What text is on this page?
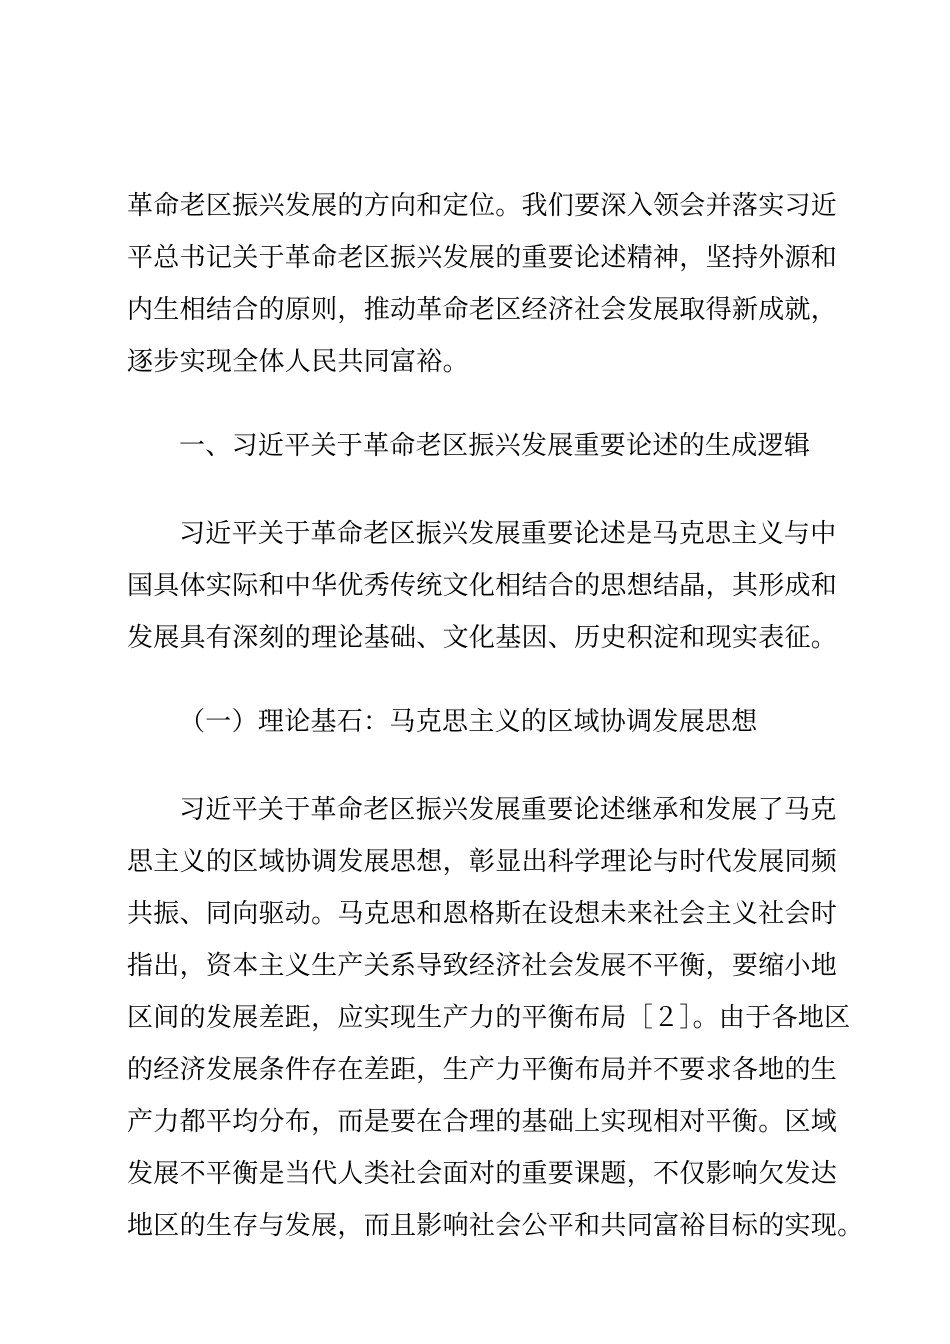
革命老区振兴发展的方向和定位。我们要深入领会并落实习近
平总书记关于革命老区振兴发展的重要论述精神，坚持外源和
内生相结合的原则，推动革命老区经济社会发展取得新成就，
逐步实现全体人民共同富裕。

一、习近平关于革命老区振兴发展重要论述的生成逻辑

习近平关于革命老区振兴发展重要论述是马克思主义与中
国具体实际和中华优秀传统文化相结合的思想结晶，其形成和
发展具有深刻的理论基础、文化基因、历史积淀和现实表征。

（一）理论基石：马克思主义的区域协调发展思想

习近平关于革命老区振兴发展重要论述继承和发展了马克
思主义的区域协调发展思想，彰显出科学理论与时代发展同频
共振、同向驱动。马克思和恩格斯在设想未来社会主义社会时
指出，资本主义生产关系导致经济社会发展不平衡，要缩小地
区间的发展差距，应实现生产力的平衡布局［２］。由于各地区
的经济发展条件存在差距，生产力平衡布局并不要求各地的生
产力都平均分布，而是要在合理的基础上实现相对平衡。区域
发展不平衡是当代人类社会面对的重要课题，不仅影响欠发达
地区的生存与发展，而且影响社会公平和共同富裕目标的实现。
